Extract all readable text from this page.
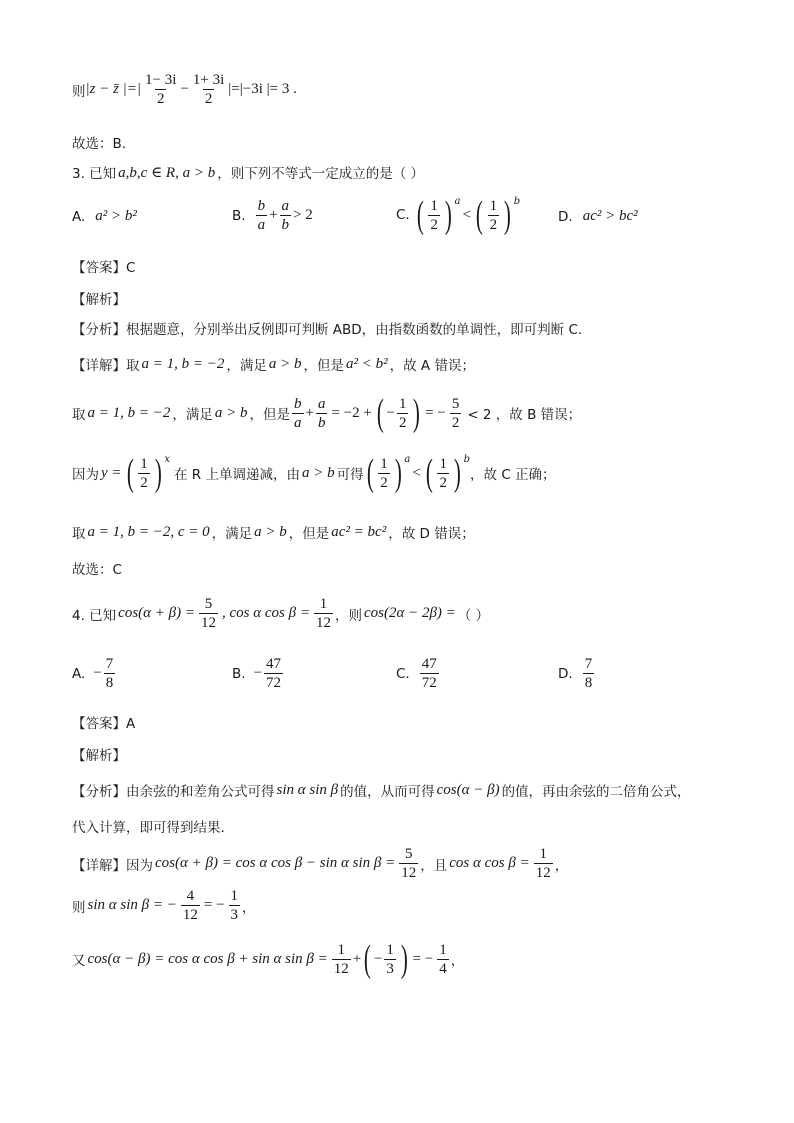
则 |z − z̄ |=| $\frac{1- 3i}{2} - \frac{1+ 3i}{2} |=|-3i$ |= 3 .
故选：B.
3. 已知 a,b,c ∈ R, a > b ，则下列不等式一定成立的是（ ）
A. a² > b²	B. $\frac{b}{a} + \frac{a}{b} > 2$	C. ( $\frac{1}{2}$ ) a
< ( $\frac{1}{2}$ ) b
D. ac² > bc²
【答案】C
【解析】
【分析】根据题意，分别举出反例即可判断 ABD，由指数函数的单调性，即可判断 C.
【详解】取 a = 1, b = −2 ，满足 a > b ，但是 a² < b² ，故 A 错误；
取 a = 1, b = −2 ，满足 a > b ，但是 $\frac{b}{a} + \frac{a}{b} = -2$ + ( − $\frac{1}{2}$ ) = − $\frac{5}{2} < 2$ ，故 B 错误；
因为 y = ( $\frac{1}{2}$ ) x
在 R 上单调递减，由 a > b 可得 ( $\frac{1}{2}$ ) a
< ( $\frac{1}{2}$ ) b
，故 C 正确；
取 a = 1, b = −2, c = 0 ，满足 a > b ，但是 ac² = bc² ，故 D 错误；
故选：C
4. 已知 $\cos(\alpha + \beta) = \frac{5}{12}$ , cos α $\cos \beta = \frac{1}{12}$ ，则 cos(2α − 2β) = （ ）
A. − $\frac{7}{8}$	B. − $\frac{47}{72}$	C. $\frac{47}{72}$	D. $\frac{7}{8}$
【答案】A
【解析】
【分析】由余弦的和差角公式可得 sin α sin β 的值，从而可得 cos(α − β) 的值，再由余弦的二倍角公式，
代入计算，即可得到结果.
【详解】因为 cos(α + β) = cos α cos β − sin α $\sin \beta = \frac{5}{12}$ ，且 cos α $\cos \beta = \frac{1}{12}$ ，
则 sin α sin β = − $\frac{4}{12}$ = − $\frac{1}{3}$ ，
又 cos(α − β) = cos α cos β + sin α $\sin \beta = \frac{1}{12}$ + ( − $\frac{1}{3}$ ) = − $\frac{1}{4}$ ，
